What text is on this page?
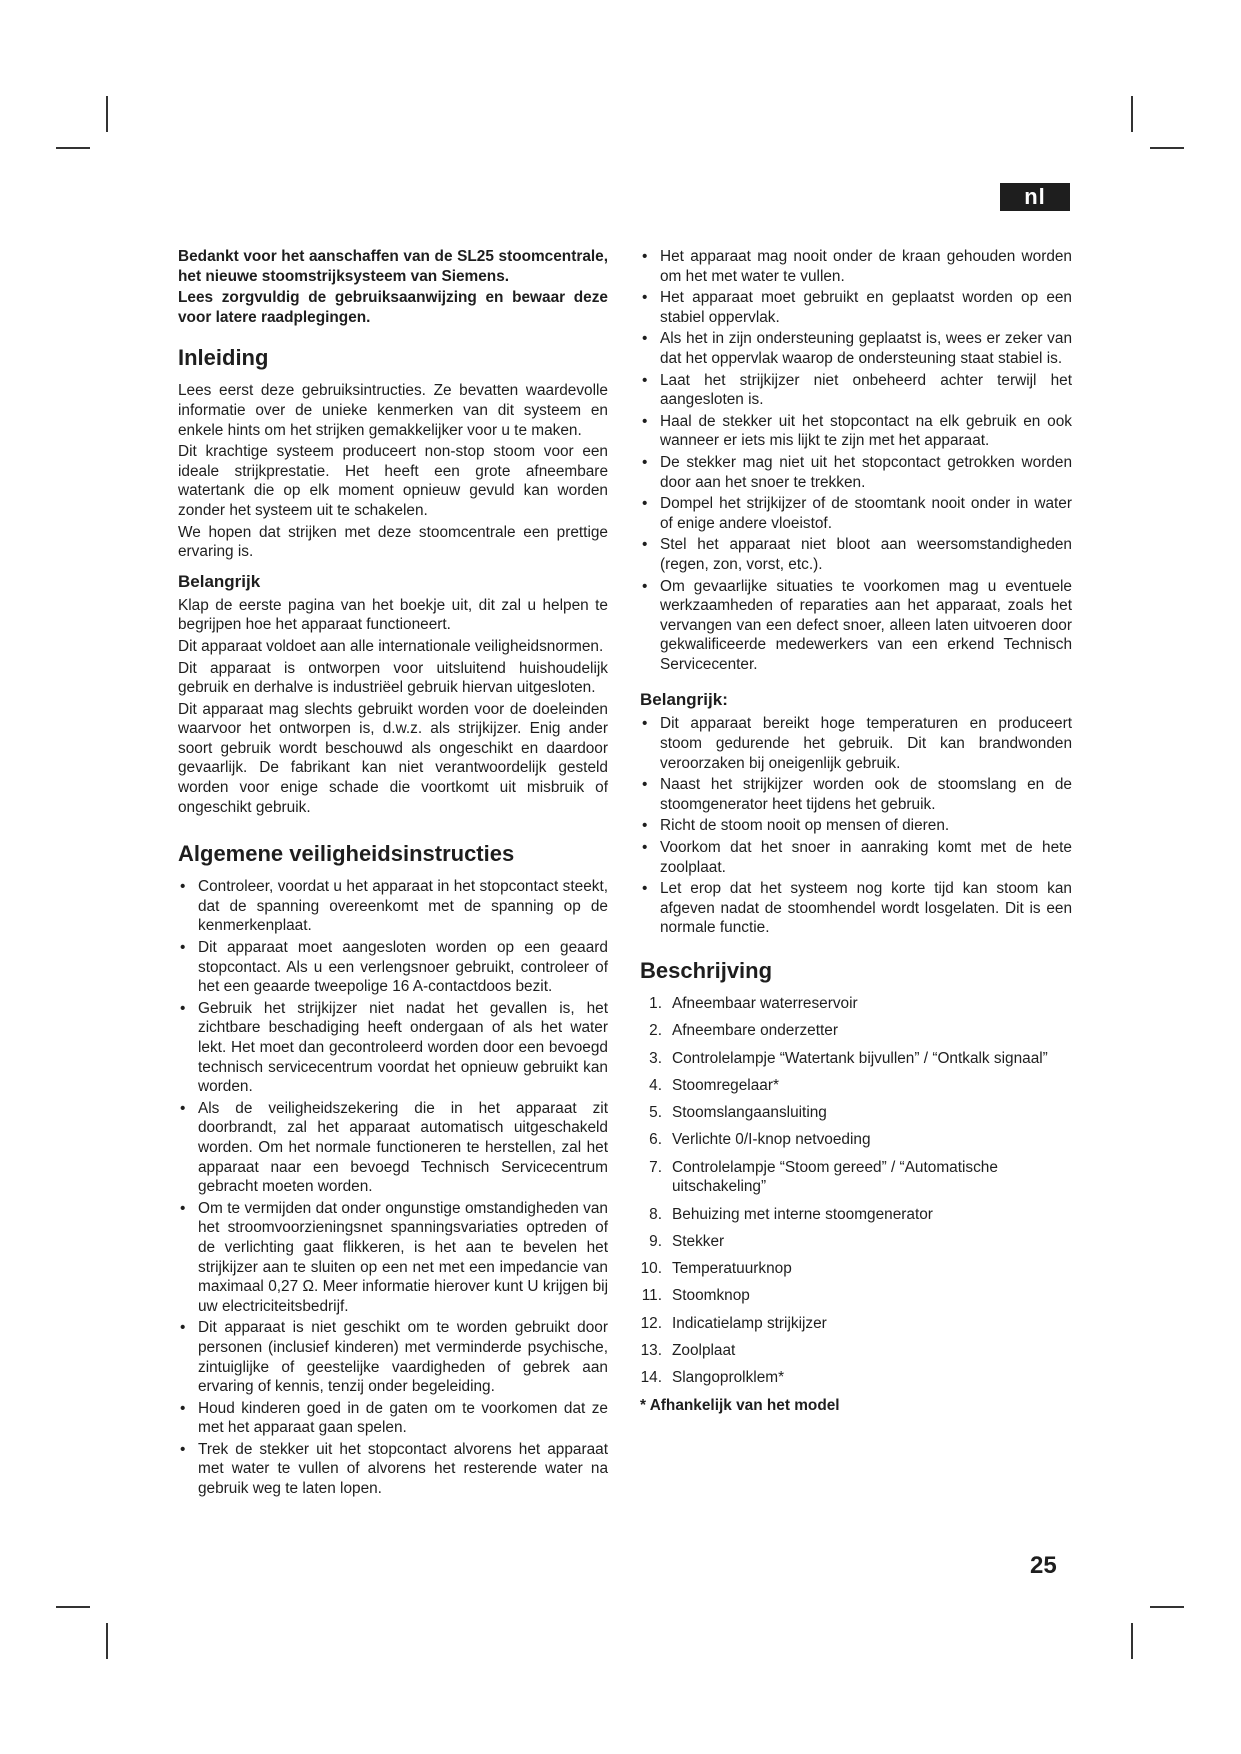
nl

Bedankt voor het aanschaffen van de SL25 stoomcentrale, het nieuwe stoomstrijksysteem van Siemens.

Lees zorgvuldig de gebruiksaanwijzing en bewaar deze voor latere raadplegingen.

Inleiding

Lees eerst deze gebruiksintructies. Ze bevatten waardevolle informatie over de unieke kenmerken van dit systeem en enkele hints om het strijken gemakkelijker voor u te maken.

Dit krachtige systeem produceert non-stop stoom voor een ideale strijkprestatie. Het heeft een grote afneembare watertank die op elk moment opnieuw gevuld kan worden zonder het systeem uit te schakelen.

We hopen dat strijken met deze stoomcentrale een prettige ervaring is.

Belangrijk

Klap de eerste pagina van het boekje uit, dit zal u helpen te begrijpen hoe het apparaat functioneert.

Dit apparaat voldoet aan alle internationale veiligheidsnormen.

Dit apparaat is ontworpen voor uitsluitend huishoudelijk gebruik en derhalve is industriëel gebruik hiervan uitgesloten.

Dit apparaat mag slechts gebruikt worden voor de doeleinden waarvoor het ontworpen is, d.w.z. als strijkijzer. Enig ander soort gebruik wordt beschouwd als ongeschikt en daardoor gevaarlijk. De fabrikant kan niet verantwoordelijk gesteld worden voor enige schade die voortkomt uit misbruik of ongeschikt gebruik.

Algemene veiligheidsinstructies
• Controleer, voordat u het apparaat in het stopcontact steekt, dat de spanning overeenkomt met de spanning op de kenmerkenplaat.
• Dit apparaat moet aangesloten worden op een geaard stopcontact. Als u een verlengsnoer gebruikt, controleer of het een geaarde tweepolige 16 A-contactdoos bezit.
• Gebruik het strijkijzer niet nadat het gevallen is, het zichtbare beschadiging heeft ondergaan of als het water lekt. Het moet dan gecontroleerd worden door een bevoegd technisch servicecentrum voordat het opnieuw gebruikt kan worden.
• Als de veiligheidszekering die in het apparaat zit doorbrandt, zal het apparaat automatisch uitgeschakeld worden. Om het normale functioneren te herstellen, zal het apparaat naar een bevoegd Technisch Servicecentrum gebracht moeten worden.
• Om te vermijden dat onder ongunstige omstandigheden van het stroomvoorzieningsnet spanningsvariaties optreden of de verlichting gaat flikkeren, is het aan te bevelen het strijkijzer aan te sluiten op een net met een impedancie van maximaal 0,27 Ω. Meer informatie hierover kunt U krijgen bij uw electriciteitsbedrijf.
• Dit apparaat is niet geschikt om te worden gebruikt door personen (inclusief kinderen) met verminderde psychische, zintuiglijke of geestelijke vaardigheden of gebrek aan ervaring of kennis, tenzij onder begeleiding.
• Houd kinderen goed in de gaten om te voorkomen dat ze met het apparaat gaan spelen.
• Trek de stekker uit het stopcontact alvorens het apparaat met water te vullen of alvorens het resterende water na gebruik weg te laten lopen.
• Het apparaat mag nooit onder de kraan gehouden worden om het met water te vullen.
• Het apparaat moet gebruikt en geplaatst worden op een stabiel oppervlak.
• Als het in zijn ondersteuning geplaatst is, wees er zeker van dat het oppervlak waarop de ondersteuning staat stabiel is.
• Laat het strijkijzer niet onbeheerd achter terwijl het aangesloten is.
• Haal de stekker uit het stopcontact na elk gebruik en ook wanneer er iets mis lijkt te zijn met het apparaat.
• De stekker mag niet uit het stopcontact getrokken worden door aan het snoer te trekken.
• Dompel het strijkijzer of de stoomtank nooit onder in water of enige andere vloeistof.
• Stel het apparaat niet bloot aan weersomstandigheden (regen, zon, vorst, etc.).
• Om gevaarlijke situaties te voorkomen mag u eventuele werkzaamheden of reparaties aan het apparaat, zoals het vervangen van een defect snoer, alleen laten uitvoeren door gekwalificeerde medewerkers van een erkend Technisch Servicecenter.
Belangrijk:
• Dit apparaat bereikt hoge temperaturen en produceert stoom gedurende het gebruik. Dit kan brandwonden veroorzaken bij oneigenlijk gebruik.
• Naast het strijkijzer worden ook de stoomslang en de stoomgenerator heet tijdens het gebruik.
• Richt de stoom nooit op mensen of dieren.
• Voorkom dat het snoer in aanraking komt met de hete zoolplaat.
• Let erop dat het systeem nog korte tijd kan stoom kan afgeven nadat de stoomhendel wordt losgelaten. Dit is een normale functie.
Beschrijving
1. Afneembaar waterreservoir
2. Afneembare onderzetter
3. Controlelampje “Watertank bijvullen” / “Ontkalk signaal”
4. Stoomregelaar*
5. Stoomslangaansluiting
6. Verlichte 0/I-knop netvoeding
7. Controlelampje “Stoom gereed” / “Automatische uitschakeling”
8. Behuizing met interne stoomgenerator
9. Stekker
10. Temperatuurknop
11. Stoomknop
12. Indicatielamp strijkijzer
13. Zoolplaat
14. Slangoprolklem*

* Afhankelijk van het model

25
